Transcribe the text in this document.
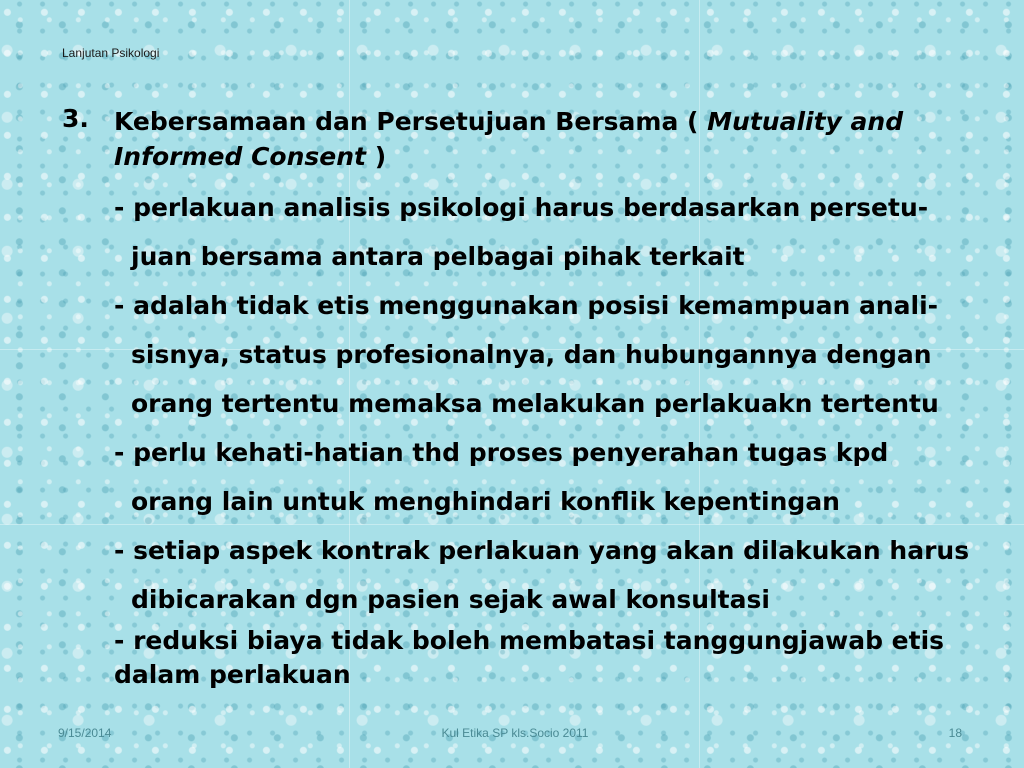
Lanjutan Psikologi
3. Kebersamaan dan Persetujuan Bersama ( Mutuality and
Informed Consent )

- perlakuan analisis psikologi harus berdasarkan persetu-

juan bersama antara pelbagai pihak terkait

- adalah tidak etis menggunakan posisi kemampuan anali-

sisnya, status profesionalnya, dan hubungannya dengan

orang tertentu memaksa melakukan perlakuakn tertentu

- perlu kehati-hatian thd proses penyerahan tugas kpd

orang lain untuk menghindari konflik kepentingan

- setiap aspek kontrak perlakuan yang akan dilakukan harus

dibicarakan dgn pasien sejak awal konsultasi

- reduksi biaya tidak boleh membatasi tanggungjawab etis
dalam perlakuan

9/15/2014	Kul Etika SP kls.Socio 2011	18
